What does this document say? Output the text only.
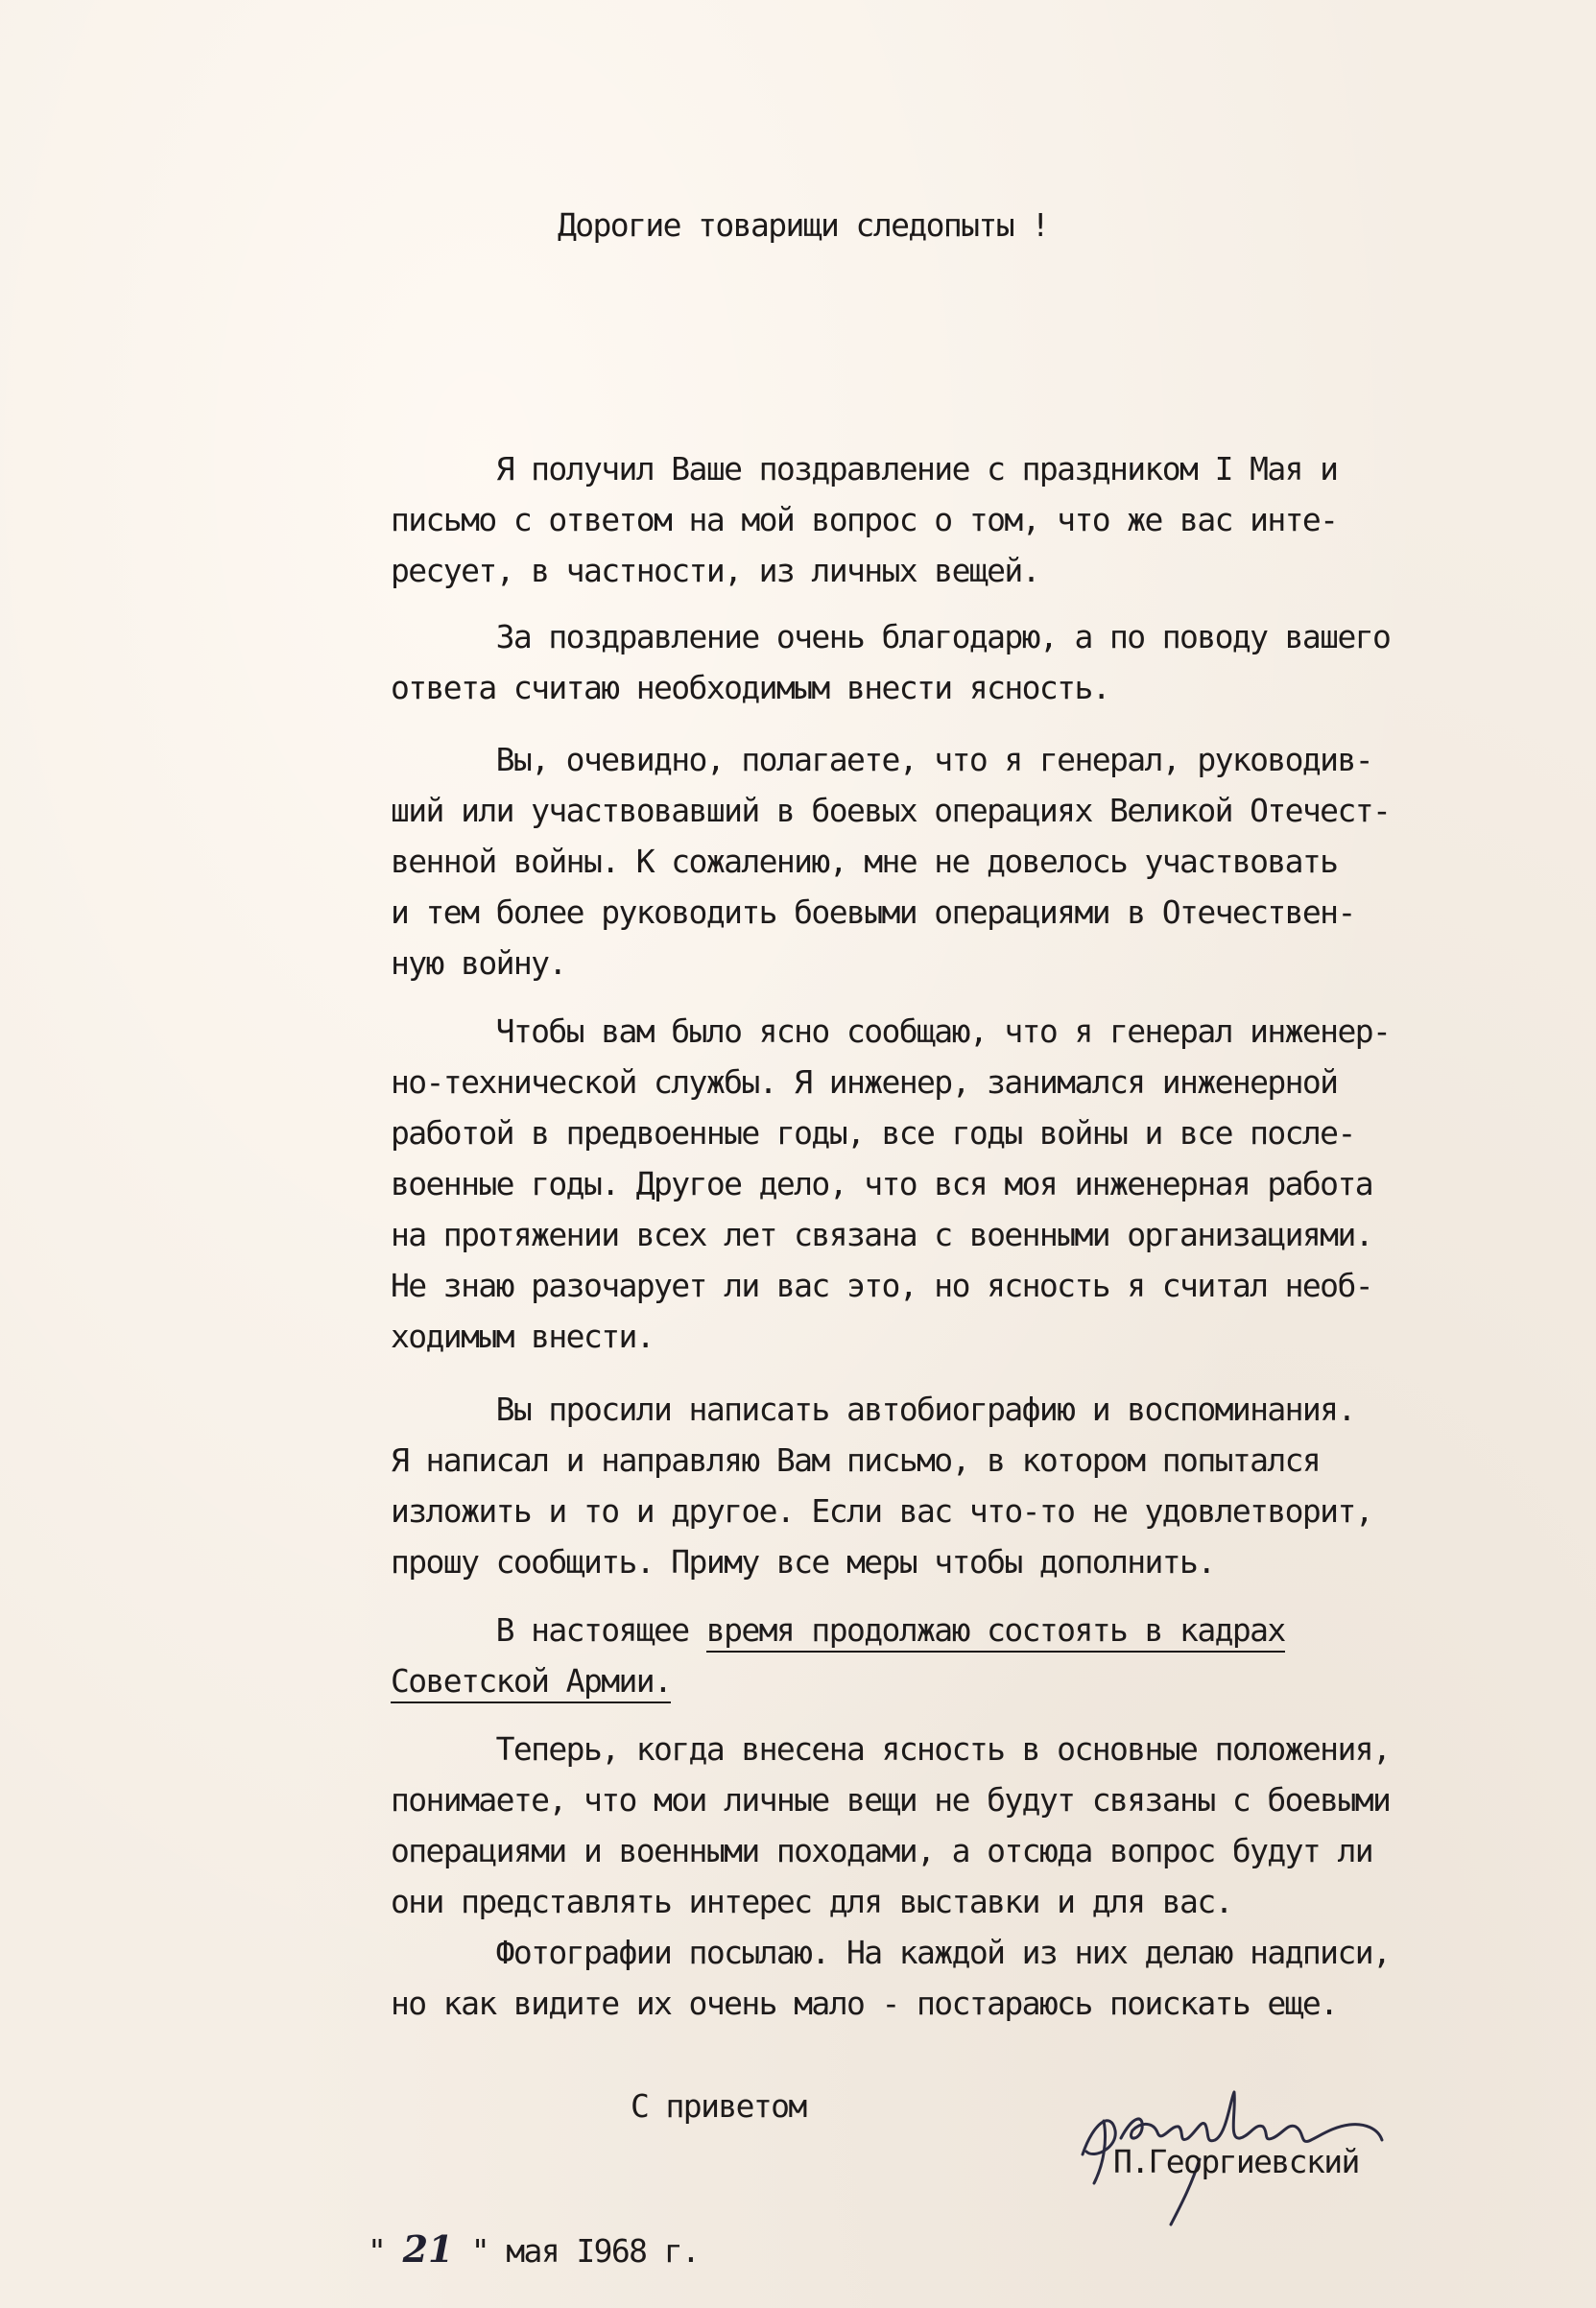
Дорогие товарищи следопыты !
Я получил Ваше поздравление с праздником I Мая и
письмо с ответом на мой вопрос о том, что же вас инте-
ресует, в частности, из личных вещей.
За поздравление очень благодарю, а по поводу вашего
ответа считаю необходимым внести ясность.
Вы, очевидно, полагаете, что я генерал, руководив-
ший или участвовавший в боевых операциях Великой Отечест-
венной войны. К сожалению, мне не довелось участвовать
и тем более руководить боевыми операциями в Отечествен-
ную войну.
Чтобы вам было ясно сообщаю, что я генерал инженер-
но-технической службы. Я инженер, занимался инженерной
работой в предвоенные годы, все годы войны и все после-
военные годы. Другое дело, что вся моя инженерная работа
на протяжении всех лет связана с военными организациями.
Не знаю разочарует ли вас это, но ясность я считал необ-
ходимым внести.
Вы просили написать автобиографию и воспоминания.
Я написал и направляю Вам письмо, в котором попытался
изложить и то и другое. Если вас что-то не удовлетворит,
прошу сообщить. Приму все меры чтобы дополнить.
В настоящее время продолжаю состоять в кадрах
Советской Армии.
Теперь, когда внесена ясность в основные положения,
понимаете, что мои личные вещи не будут связаны с боевыми
операциями и военными походами, а отсюда вопрос будут ли
они представлять интерес для выставки и для вас.
Фотографии посылаю. На каждой из них делаю надписи,
но как видите их очень мало - постараюсь поискать еще.
С приветом
П.Георгиевский
" 21 " мая I968 г.
